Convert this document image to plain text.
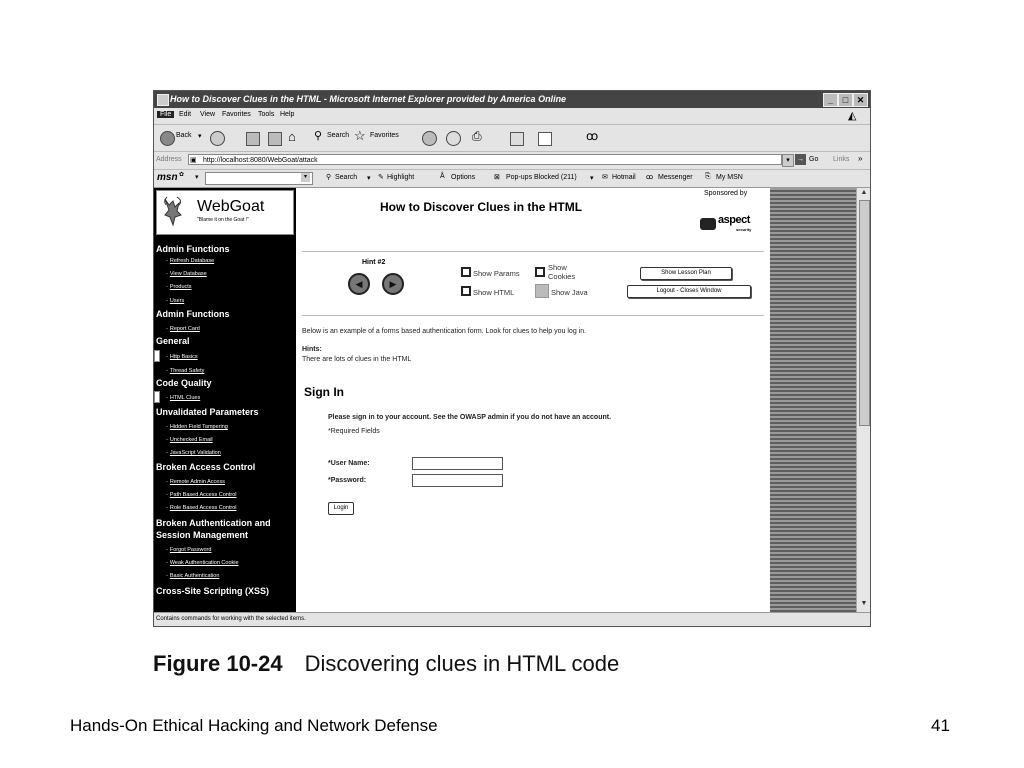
How to Discover Clues in the HTML - Microsoft Internet Explorer provided by America Online	_	□ ✕
File	Edit View Favorites Tools Help	◭
Back ▾	⌂ ⚲ Search ☆ Favorites	⎙	ꝏ
Address	http://localhost:8080/WebGoat/attack
▣	▾	→ Go Links »
msn ✿ ▾	▾	⚲ Search ▾ ✎ Highlight	Å Options	⊠ Pop-ups Blocked (211) ▾ ✉ Hotmail ꝏ Messenger ⎘ My MSN
WebGoat
"Blame it on the Goat !"
Admin Functions
- Refresh Database
- View Database
- Products
- Users
Admin Functions
- Report Card
General
- Http Basics
- Thread Safety
Code Quality
- HTML Clues
Unvalidated Parameters
- Hidden Field Tampering
- Unchecked Email
- JavaScript Validation
Broken Access Control
- Remote Admin Access
- Path Based Access Control
- Role Based Access Control
Broken Authentication and
Session Management
- Forgot Password
- Weak Authentication Cookie
- Basic Authentication
Cross-Site Scripting (XSS)
How to Discover Clues in the HTML
Sponsored by
aspect
security
Hint #2
◀	▶
Show Params
Show Cookies
Show HTML	Show Java
Show Lesson Plan
Logout - Closes Window
Below is an example of a forms based authentication form. Look for clues to help you log in.
Hints:
There are lots of clues in the HTML
Sign In
Please sign in to your account. See the OWASP admin if you do not have an account.
*Required Fields
*User Name:
*Password:
Login
▲
▼
Contains commands for working with the selected items.
Figure 10-24 Discovering clues in HTML code
Hands-On Ethical Hacking and Network Defense	41
